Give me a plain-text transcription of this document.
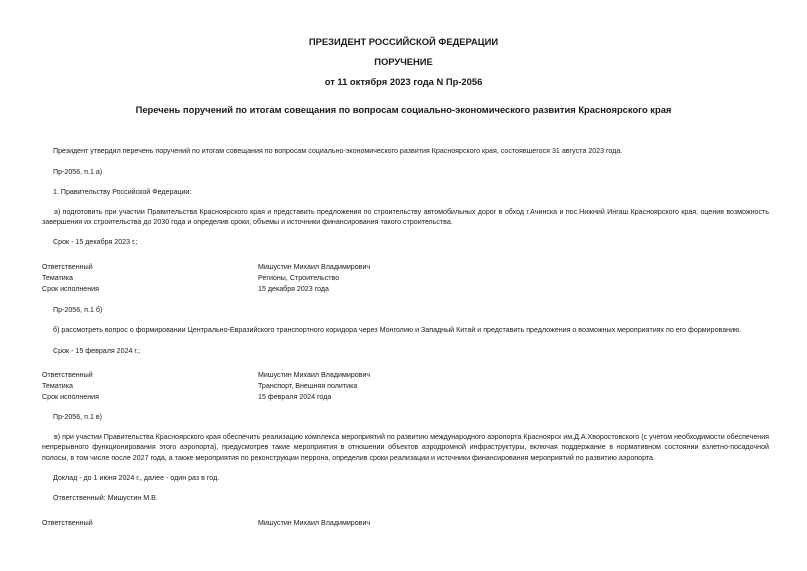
ПРЕЗИДЕНТ РОССИЙСКОЙ ФЕДЕРАЦИИ
ПОРУЧЕНИЕ
от 11 октября 2023 года N Пр-2056
Перечень поручений по итогам совещания по вопросам социально-экономического развития Красноярского края
Президент утвердил перечень поручений по итогам совещания по вопросам социально-экономического развития Красноярского края, состоявшегося 31 августа 2023 года.
Пр-2056, п.1 а)
1. Правительству Российской Федерации:
а) подготовить при участии Правительства Красноярского края и представить предложения по строительству автомобильных дорог в обход г.Ачинска и пос.Нижний Ингаш Красноярского края, оценив возможность завершения их строительства до 2030 года и определив сроки, объемы и источники финансирования такого строительства.
Срок - 15 декабря 2023 г.;
Ответственный	Мишустин Михаил Владимирович
Тематика	Регионы, Строительство
Срок исполнения	15 декабря 2023 года
Пр-2056, п.1 б)
б) рассмотреть вопрос о формировании Центрально-Евразийского транспортного коридора через Монголию и Западный Китай и представить предложения о возможных мероприятиях по его формированию.
Срок - 15 февраля 2024 г.;
Ответственный	Мишустин Михаил Владимирович
Тематика	Транспорт, Внешняя политика
Срок исполнения	15 февраля 2024 года
Пр-2056, п.1 в)
в) при участии Правительства Красноярского края обеспечить реализацию комплекса мероприятий по развитию международного аэропорта Красноярск им.Д.А.Хворостовского (с учетом необходимости обеспечения непрерывного функционирования этого аэропорта), предусмотрев такие мероприятия в отношении объектов аэродромной инфраструктуры, включая поддержание в нормативном состоянии взлетно-посадочной полосы, в том числе после 2027 года, а также мероприятия по реконструкции перрона, определив сроки реализации и источники финансирования мероприятий по развитию аэропорта.
Доклад - до 1 июня 2024 г., далее - один раз в год.
Ответственный: Мишустин М.В.
Ответственный	Мишустин Михаил Владимирович
